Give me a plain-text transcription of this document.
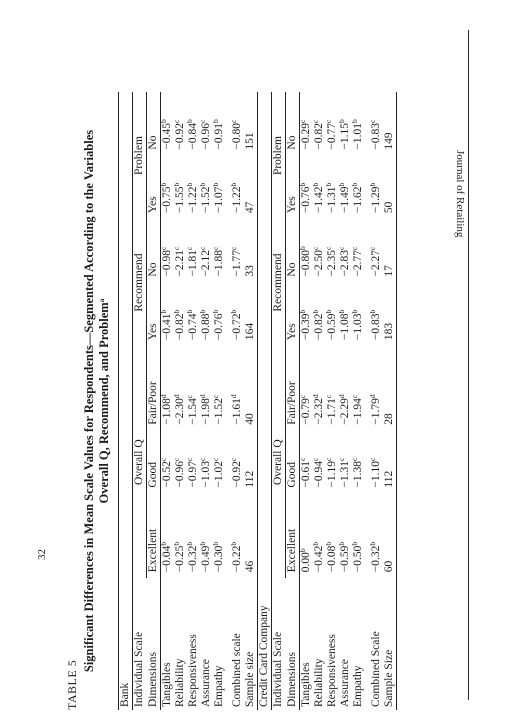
32
Journal of Retailing
TABLE 5
Significant Differences in Mean Scale Values for Respondents—Segmented According to the Variables Overall Q, Recommend, and Problem$^a$
Bank							
Individual Scale	Overall Q			Recommend		Problem	
Dimensions	Excellent	Good	Fair/Poor	Yes	No	Yes	No
Tangibles	−0.04$^b$	−0.52$^c$	−1.08$^d$	−0.41$^b$	−0.98$^c$	−0.75$^b$	−0.45$^b$
Reliability	−0.25$^b$	−0.96$^c$	−2.30$^d$	−0.82$^b$	−2.21$^c$	−1.55$^b$	−0.92$^c$
Responsiveness	−0.32$^b$	−0.97$^c$	−1.54$^c$	−0.74$^b$	−1.81$^c$	−1.22$^b$	−0.84$^b$
Assurance	−0.49$^b$	−1.03$^c$	−1.98$^d$	−0.88$^b$	−2.12$^c$	−1.52$^b$	−0.96$^c$
Empathy	−0.30$^b$	−1.02$^c$	−1.52$^c$	−0.76$^b$	−1.88$^c$	−1.07$^b$	−0.91$^b$

Combined scale	−0.22$^b$	−0.92$^c$	−1.61$^d$	−0.72$^b$	−1.77$^c$	−1.22$^b$	−0.80$^c$
Sample size	46	112	40	164	33	47	151
Credit Card Company							
Individual Scale	Overall Q			Recommend		Problem	
Dimensions	Excellent	Good	Fair/Poor	Yes	No	Yes	No
Tangibles	0.00$^b$	−0.61$^c$	−0.79$^c$	−0.39$^b$	−0.80$^b$	−0.76$^b$	−0.29$^c$
Reliability	−0.42$^b$	−0.94$^c$	−2.32$^d$	−0.82$^b$	−2.50$^c$	−1.42$^b$	−0.82$^c$
Responsiveness	−0.08$^b$	−1.19$^c$	−1.71$^c$	−0.59$^b$	−2.35$^c$	−1.31$^b$	−0.77$^c$
Assurance	−0.59$^b$	−1.31$^c$	−2.29$^d$	−1.08$^b$	−2.83$^c$	−1.49$^b$	−1.15$^b$
Empathy	−0.50$^b$	−1.38$^c$	−1.94$^c$	−1.03$^b$	−2.77$^c$	−1.62$^b$	−1.01$^b$

Combined Scale	−0.32$^b$	−1.10$^c$	−1.79$^d$	−0.83$^b$	−2.27$^c$	−1.29$^b$	−0.83$^c$
Sample Size	60	112	28	183	17	50	149
